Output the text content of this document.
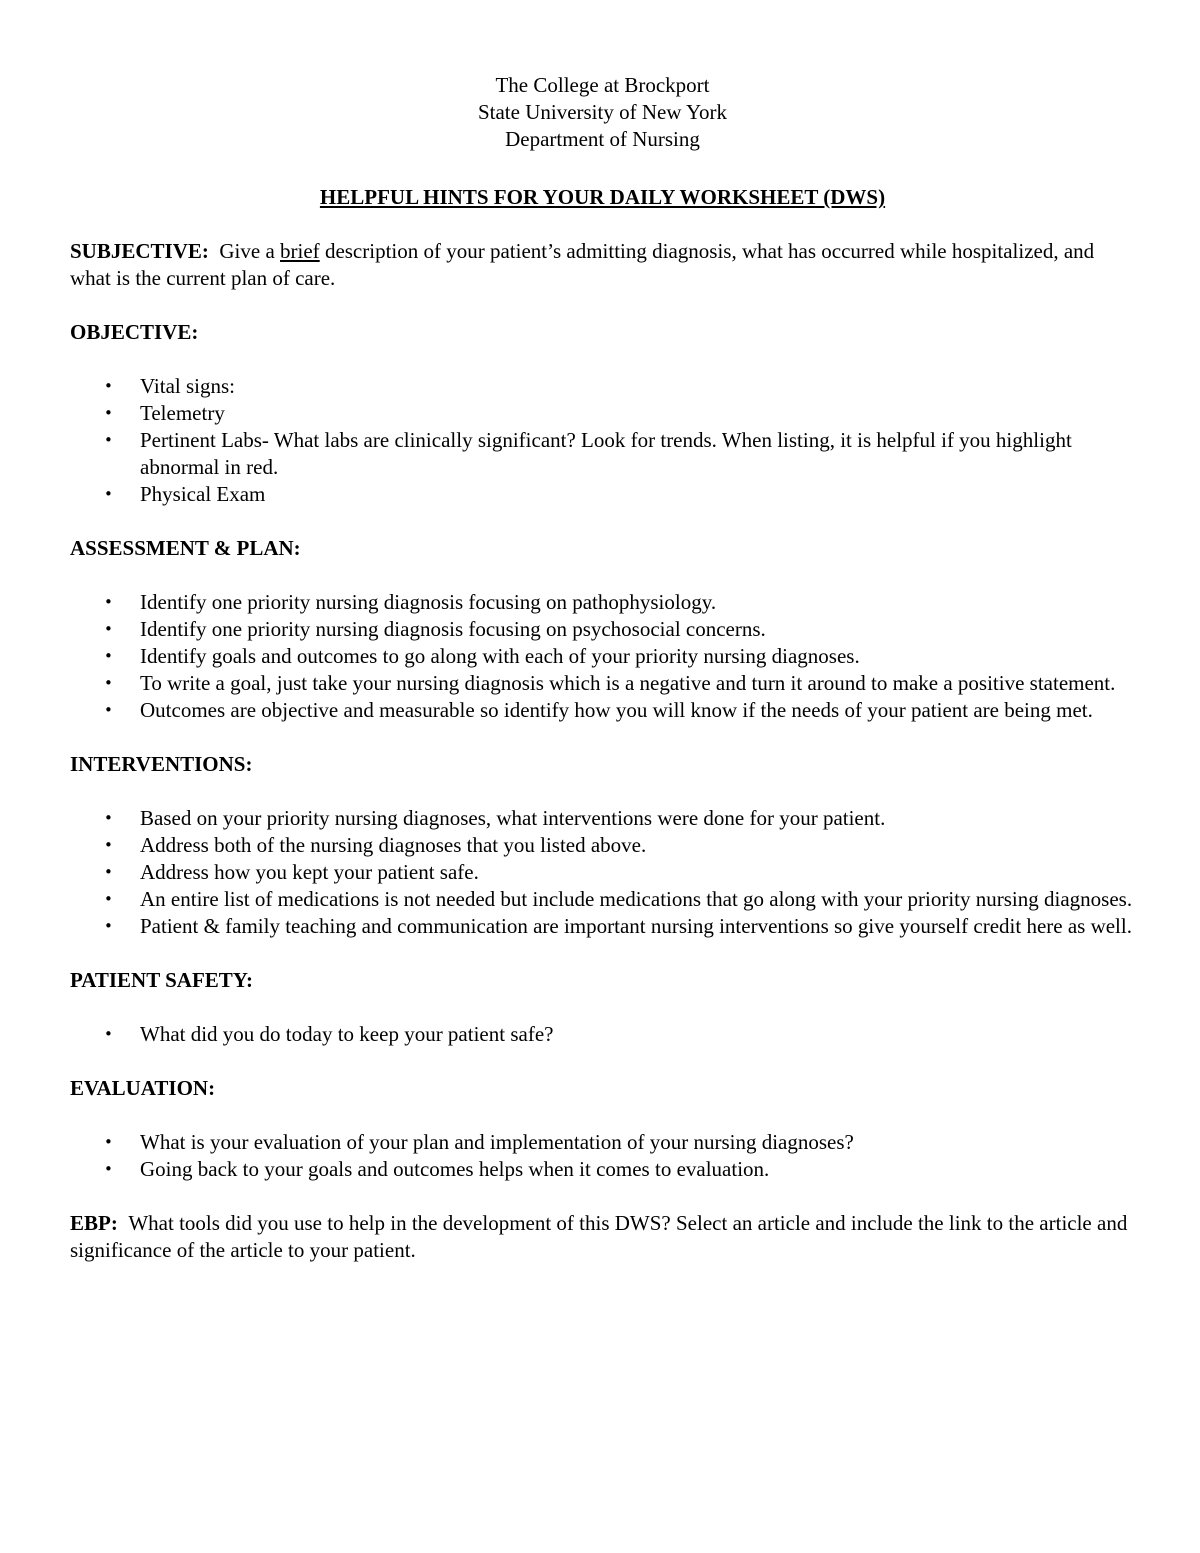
The College at Brockport
State University of New York
Department of Nursing
HELPFUL HINTS FOR YOUR DAILY WORKSHEET (DWS)
SUBJECTIVE: Give a brief description of your patient’s admitting diagnosis, what has occurred while hospitalized, and what is the current plan of care.
OBJECTIVE:
• Vital signs:
• Telemetry
• Pertinent Labs- What labs are clinically significant? Look for trends. When listing, it is helpful if you highlight abnormal in red.
• Physical Exam
ASSESSMENT & PLAN:
• Identify one priority nursing diagnosis focusing on pathophysiology.
• Identify one priority nursing diagnosis focusing on psychosocial concerns.
• Identify goals and outcomes to go along with each of your priority nursing diagnoses.
• To write a goal, just take your nursing diagnosis which is a negative and turn it around to make a positive statement.
• Outcomes are objective and measurable so identify how you will know if the needs of your patient are being met.
INTERVENTIONS:
• Based on your priority nursing diagnoses, what interventions were done for your patient.
• Address both of the nursing diagnoses that you listed above.
• Address how you kept your patient safe.
• An entire list of medications is not needed but include medications that go along with your priority nursing diagnoses.
• Patient & family teaching and communication are important nursing interventions so give yourself credit here as well.
PATIENT SAFETY:
• What did you do today to keep your patient safe?
EVALUATION:
• What is your evaluation of your plan and implementation of your nursing diagnoses?
• Going back to your goals and outcomes helps when it comes to evaluation.
EBP: What tools did you use to help in the development of this DWS? Select an article and include the link to the article and significance of the article to your patient.
